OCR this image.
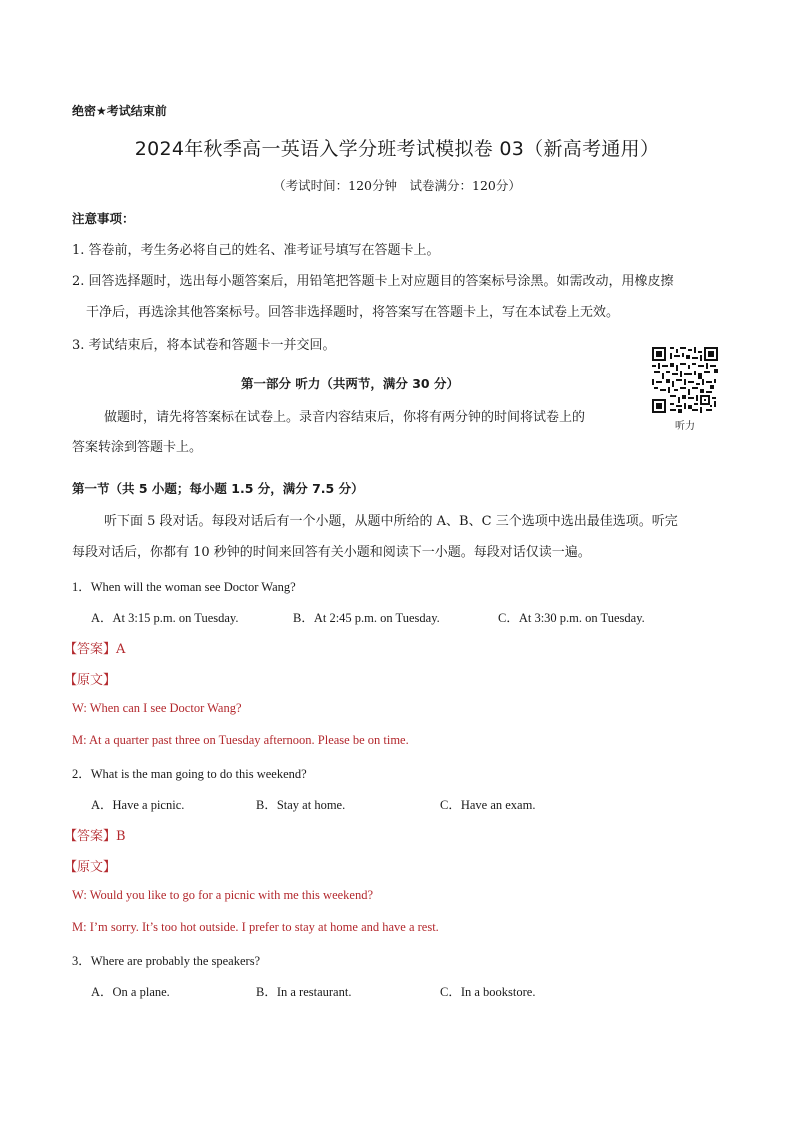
绝密★考试结束前
2024年秋季高一英语入学分班考试模拟卷 03（新高考通用）
（考试时间：120分钟　试卷满分：120分）
注意事项：
1. 答卷前，考生务必将自己的姓名、准考证号填写在答题卡上。
2. 回答选择题时，选出每小题答案后，用铅笔把答题卡上对应题目的答案标号涂黑。如需改动，用橡皮擦
干净后，再选涂其他答案标号。回答非选择题时，将答案写在答题卡上，写在本试卷上无效。
3. 考试结束后，将本试卷和答题卡一并交回。
第一部分 听力（共两节，满分 30 分）
做题时，请先将答案标在试卷上。录音内容结束后，你将有两分钟的时间将试卷上的
答案转涂到答题卡上。
听力
第一节（共 5 小题；每小题 1.5 分，满分 7.5 分）
听下面 5 段对话。每段对话后有一个小题，从题中所给的 A、B、C 三个选项中选出最佳选项。听完
每段对话后，你都有 10 秒钟的时间来回答有关小题和阅读下一小题。每段对话仅读一遍。
1．When will the woman see Doctor Wang?
A．At 3:15 p.m. on Tuesday.	B．At 2:45 p.m. on Tuesday.	C．At 3:30 p.m. on Tuesday.
【答案】A
【原文】
W: When can I see Doctor Wang?
M: At a quarter past three on Tuesday afternoon. Please be on time.
2．What is the man going to do this weekend?
A．Have a picnic.	B．Stay at home.	C．Have an exam.
【答案】B
【原文】
W: Would you like to go for a picnic with me this weekend?
M: I’m sorry. It’s too hot outside. I prefer to stay at home and have a rest.
3．Where are probably the speakers?
A．On a plane.	B．In a restaurant.	C．In a bookstore.
